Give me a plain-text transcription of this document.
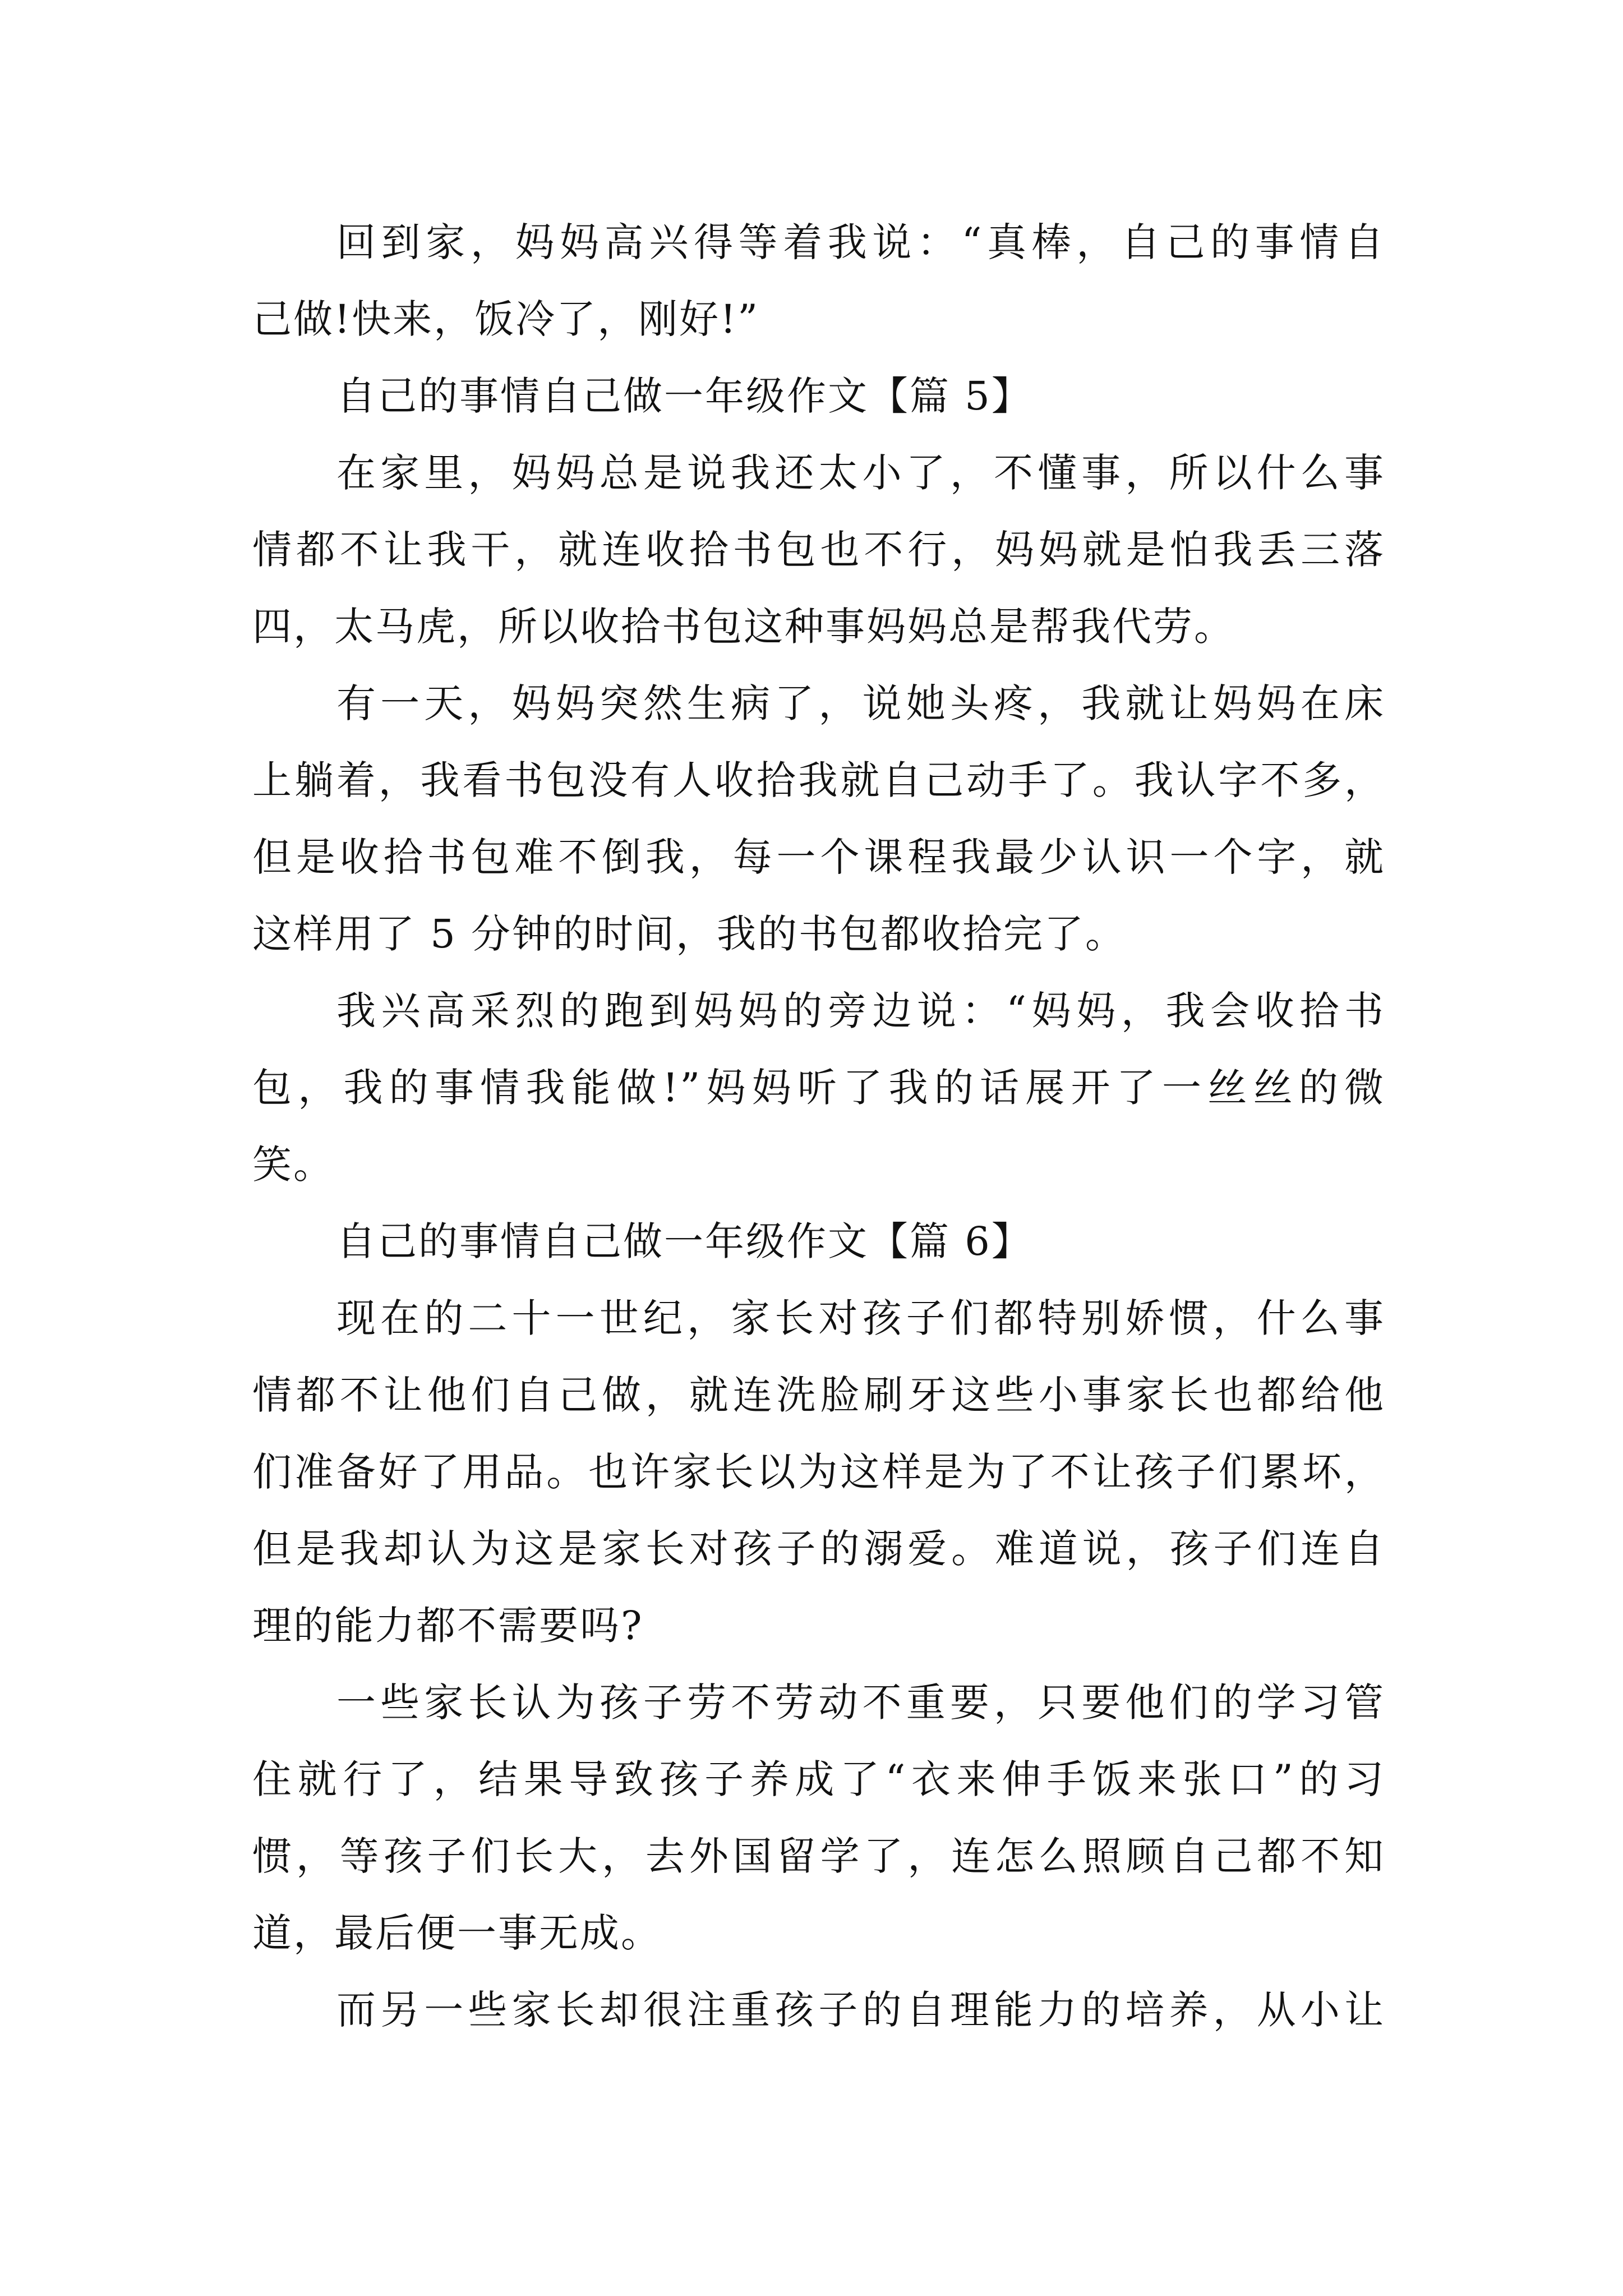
回到家，妈妈高兴得等着我说：“真棒，自己的事情自
己做!快来，饭冷了，刚好!”
自己的事情自己做一年级作文【篇 5】
在家里，妈妈总是说我还太小了，不懂事，所以什么事
情都不让我干，就连收拾书包也不行，妈妈就是怕我丢三落
四，太马虎，所以收拾书包这种事妈妈总是帮我代劳。
有一天，妈妈突然生病了，说她头疼，我就让妈妈在床
上躺着，我看书包没有人收拾我就自己动手了。我认字不多，
但是收拾书包难不倒我，每一个课程我最少认识一个字，就
这样用了 5 分钟的时间，我的书包都收拾完了。
我兴高采烈的跑到妈妈的旁边说：“妈妈，我会收拾书
包，我的事情我能做!”妈妈听了我的话展开了一丝丝的微
笑。
自己的事情自己做一年级作文【篇 6】
现在的二十一世纪，家长对孩子们都特别娇惯，什么事
情都不让他们自己做，就连洗脸刷牙这些小事家长也都给他
们准备好了用品。也许家长以为这样是为了不让孩子们累坏，
但是我却认为这是家长对孩子的溺爱。难道说，孩子们连自
理的能力都不需要吗?
一些家长认为孩子劳不劳动不重要，只要他们的学习管
住就行了，结果导致孩子养成了“衣来伸手饭来张口”的习
惯，等孩子们长大，去外国留学了，连怎么照顾自己都不知
道，最后便一事无成。
而另一些家长却很注重孩子的自理能力的培养，从小让
